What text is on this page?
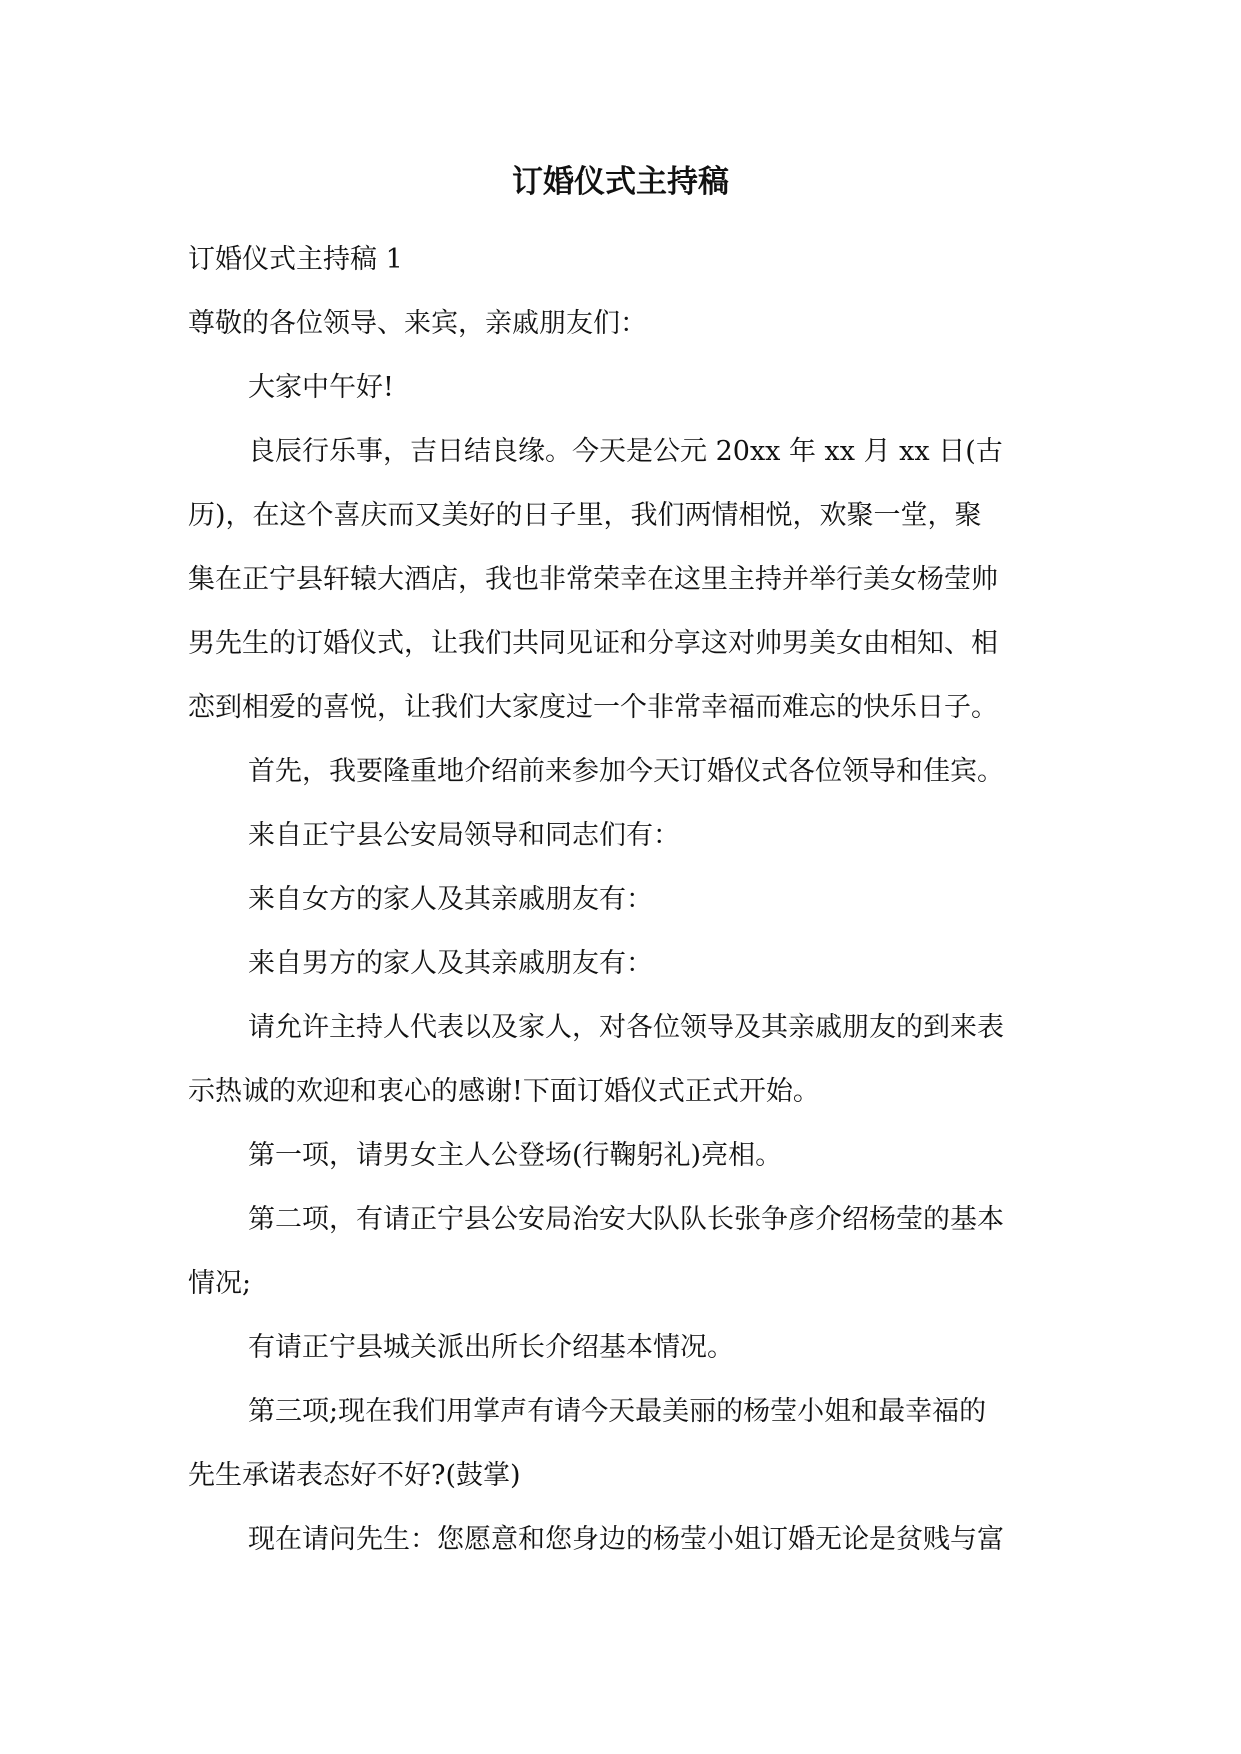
订婚仪式主持稿

订婚仪式主持稿 1

尊敬的各位领导、来宾，亲戚朋友们：

大家中午好!

良辰行乐事，吉日结良缘。今天是公元 20xx 年 xx 月 xx 日(古

历)，在这个喜庆而又美好的日子里，我们两情相悦，欢聚一堂，聚

集在正宁县轩辕大酒店，我也非常荣幸在这里主持并举行美女杨莹帅

男先生的订婚仪式，让我们共同见证和分享这对帅男美女由相知、相

恋到相爱的喜悦，让我们大家度过一个非常幸福而难忘的快乐日子。

首先，我要隆重地介绍前来参加今天订婚仪式各位领导和佳宾。

来自正宁县公安局领导和同志们有：

来自女方的家人及其亲戚朋友有：

来自男方的家人及其亲戚朋友有：

请允许主持人代表以及家人，对各位领导及其亲戚朋友的到来表

示热诚的欢迎和衷心的感谢!下面订婚仪式正式开始。

第一项，请男女主人公登场(行鞠躬礼)亮相。

第二项，有请正宁县公安局治安大队队长张争彦介绍杨莹的基本

情况;

有请正宁县城关派出所长介绍基本情况。

第三项;现在我们用掌声有请今天最美丽的杨莹小姐和最幸福的

先生承诺表态好不好?(鼓掌)

现在请问先生：您愿意和您身边的杨莹小姐订婚无论是贫贱与富
